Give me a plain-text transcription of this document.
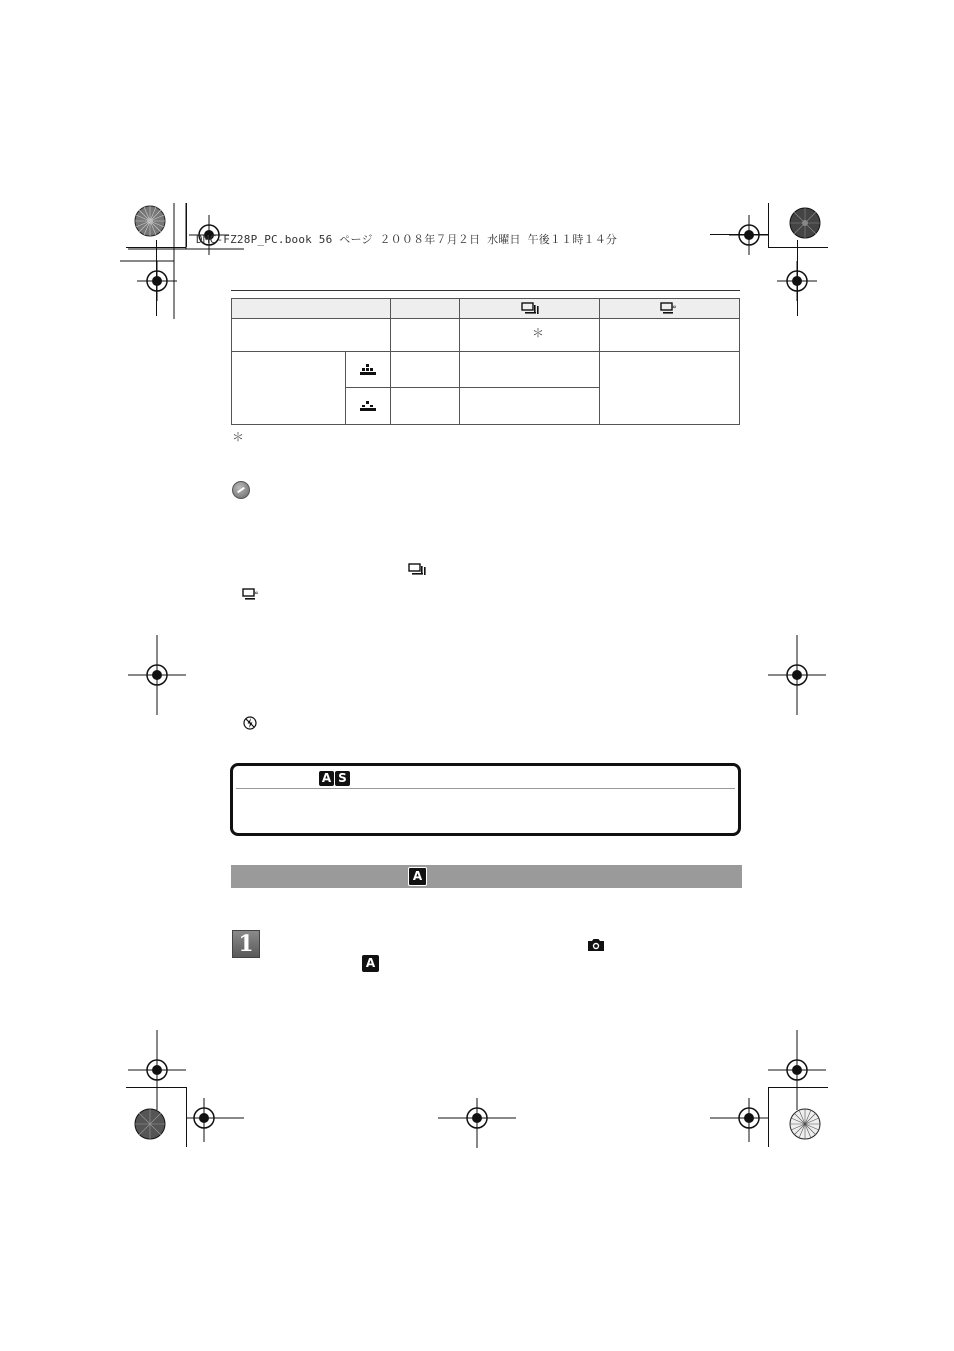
DMC-FZ28P_PC.book 56 ページ ２００８年７月２日 水曜日 午後１１時１４分
∞
＊
＊
∞
A S
A
1
A
